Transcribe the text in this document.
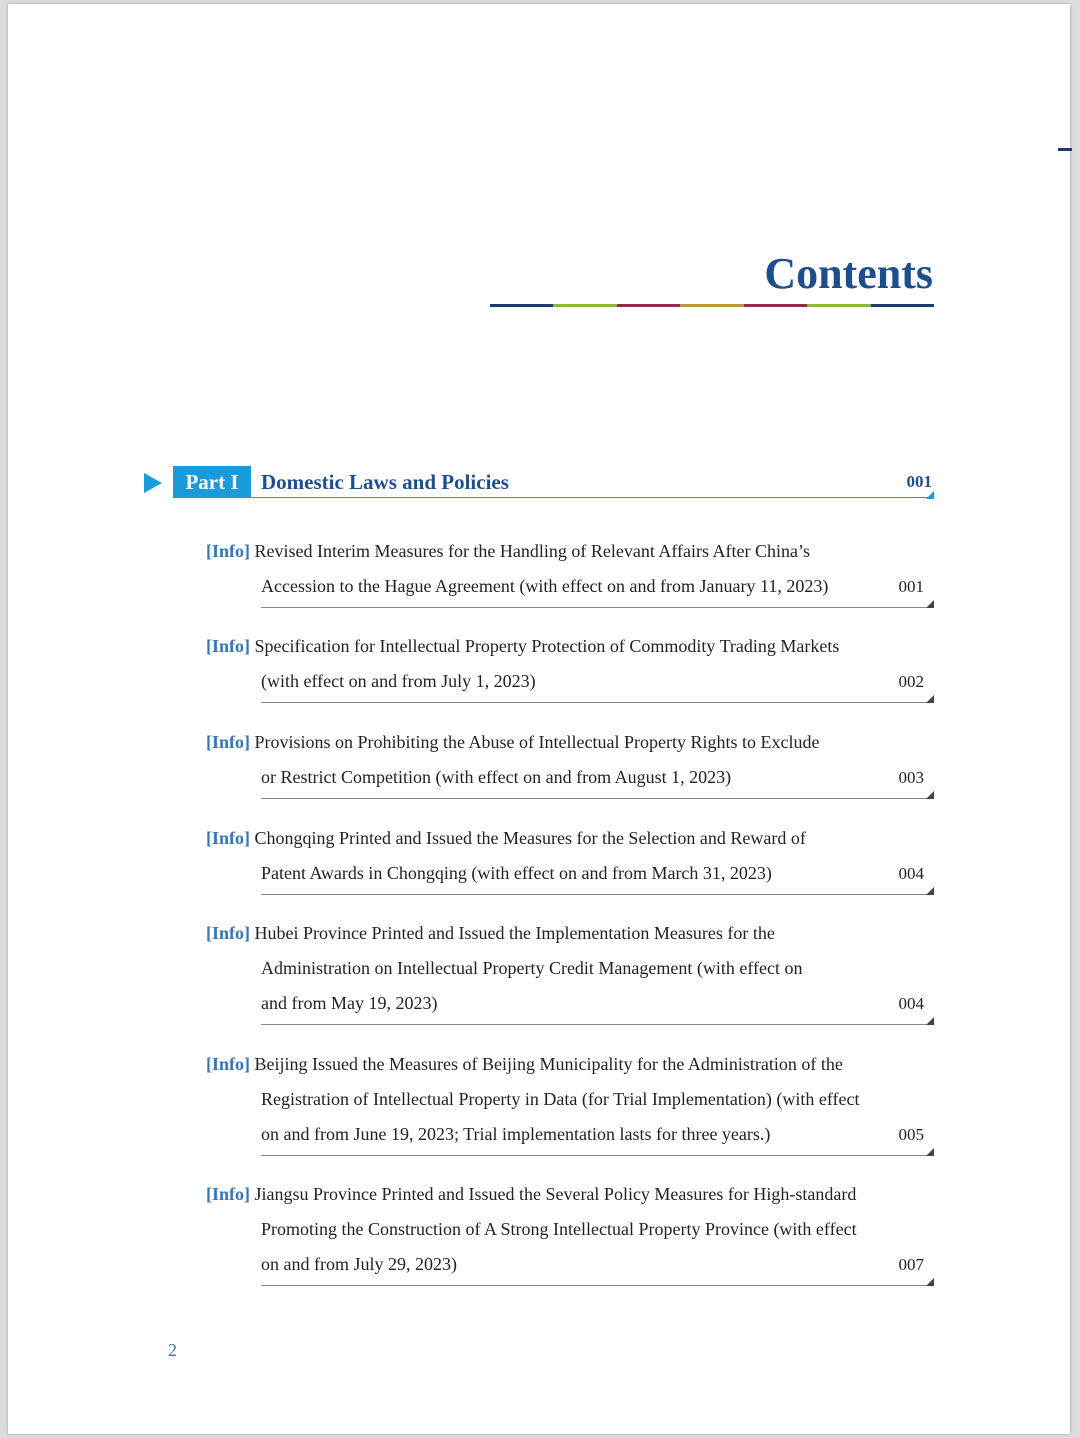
Contents
Part I	Domestic Laws and Policies	001
[Info] Revised Interim Measures for the Handling of Relevant Affairs After China’s
Accession to the Hague Agreement (with effect on and from January 11, 2023)	001
[Info] Specification for Intellectual Property Protection of Commodity Trading Markets
(with effect on and from July 1, 2023)	002
[Info] Provisions on Prohibiting the Abuse of Intellectual Property Rights to Exclude
or Restrict Competition (with effect on and from August 1, 2023)	003
[Info] Chongqing Printed and Issued the Measures for the Selection and Reward of
Patent Awards in Chongqing (with effect on and from March 31, 2023)	004
[Info] Hubei Province Printed and Issued the Implementation Measures for the
Administration on Intellectual Property Credit Management (with effect on
and from May 19, 2023)	004
[Info] Beijing Issued the Measures of Beijing Municipality for the Administration of the
Registration of Intellectual Property in Data (for Trial Implementation) (with effect
on and from June 19, 2023; Trial implementation lasts for three years.)	005
[Info] Jiangsu Province Printed and Issued the Several Policy Measures for High-standard
Promoting the Construction of A Strong Intellectual Property Province (with effect
on and from July 29, 2023)	007
2
